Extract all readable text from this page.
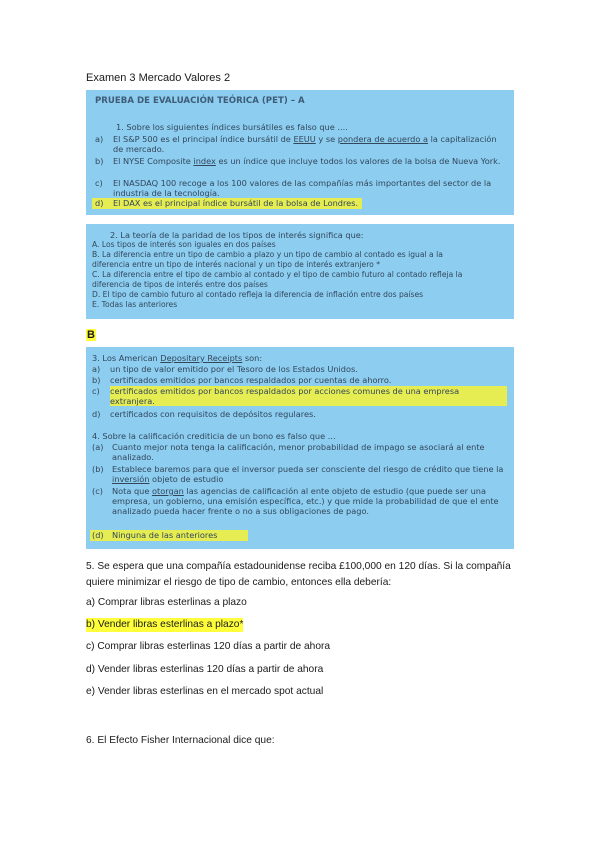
Examen 3 Mercado Valores 2
PRUEBA DE EVALUACIÓN TEÓRICA (PET) – A
1. Sobre los siguientes índices bursátiles es falso que ....
a) El S&P 500 es el principal índice bursátil de EEUU y se pondera de acuerdo a la capitalización de mercado.
b) El NYSE Composite index es un índice que incluye todos los valores de la bolsa de Nueva York.
c) El NASDAQ 100 recoge a los 100 valores de las compañías más importantes del sector de la industria de la tecnología.
d) El DAX es el principal índice bursátil de la bolsa de Londres.
2. La teoría de la paridad de los tipos de interés significa que:
A. Los tipos de interés son iguales en dos países
B. La diferencia entre un tipo de cambio a plazo y un tipo de cambio al contado es igual a la
diferencia entre un tipo de interés nacional y un tipo de interés extranjero *
C. La diferencia entre el tipo de cambio al contado y el tipo de cambio futuro al contado refleja la
diferencia de tipos de interés entre dos países
D. El tipo de cambio futuro al contado refleja la diferencia de inflación entre dos países
E. Todas las anteriores
B
3. Los American Depositary Receipts son:
a) un tipo de valor emitido por el Tesoro de los Estados Unidos.
b) certificados emitidos por bancos respaldados por cuentas de ahorro.
c) certificados emitidos por bancos respaldados por acciones comunes de una empresa extranjera.
d) certificados con requisitos de depósitos regulares.
4. Sobre la calificación crediticia de un bono es falso que ...
(a) Cuanto mejor nota tenga la calificación, menor probabilidad de impago se asociará al ente analizado.
(b) Establece baremos para que el inversor pueda ser consciente del riesgo de crédito que tiene la inversión objeto de estudio
(c) Nota que otorgan las agencias de calificación al ente objeto de estudio (que puede ser una empresa, un gobierno, una emisión específica, etc.) y que mide la probabilidad de que el ente analizado pueda hacer frente o no a sus obligaciones de pago.
(d) Ninguna de las anteriores
5. Se espera que una compañía estadounidense reciba £100,000 en 120 días. Si la compañía quiere minimizar el riesgo de tipo de cambio, entonces ella debería:
a) Comprar libras esterlinas a plazo
b) Vender libras esterlinas a plazo*
c) Comprar libras esterlinas 120 días a partir de ahora
d) Vender libras esterlinas 120 días a partir de ahora
e) Vender libras esterlinas en el mercado spot actual
6. El Efecto Fisher Internacional dice que:
